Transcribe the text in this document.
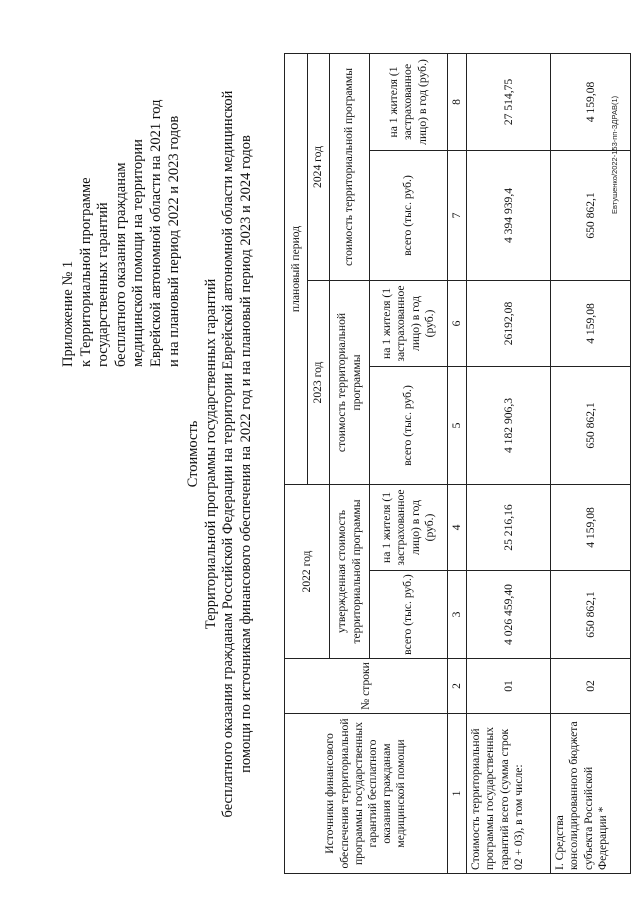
Приложение № 1 к Территориальной программе государственных гарантий бесплатного оказания гражданам медицинской помощи на территории Еврейской автономной области на 2021 год и на плановый период 2022 и 2023 годов
Стоимость Территориальной программы государственных гарантий бесплатного оказания гражданам Российской Федерации на территории Еврейской автономной области медицинской помощи по источникам финансового обеспечения на 2022 год и на плановый период 2023 и 2024 годов
Источники финансового обеспечения территориальной программы государственных гарантий бесплатного оказания гражданам медицинской помощи	№ строки	2022 год		плановый период			
				2023 год		2024 год	
		утвержденная стоимость территориальной программы		стоимость территориальной программы		стоимость территориальной программы	
		всего (тыс. руб.)	на 1 жителя (1 застрахованное лицо) в год (руб.)	всего (тыс. руб.)	на 1 жителя (1 застрахованное лицо) в год (руб.)	всего (тыс. руб.)	на 1 жителя (1 застрахованное лицо) в год (руб.)
1	2	3	4	5	6	7	8
Стоимость территориальной программы государственных гарантий всего (сумма строк 02 + 03), в том числе:	01	4 026 459,40	25 216,16	4 182 906,3	26192,08	4 394 939,4	27 514,75
I. Средства консолидированного бюджета субъекта Российской Федерации *	02	650 862,1	4 159,08	650 862,1	4 159,08	650 862,1	4 159,08 Евтушенко/2022-153-пп-ЗДРАВ(1)
